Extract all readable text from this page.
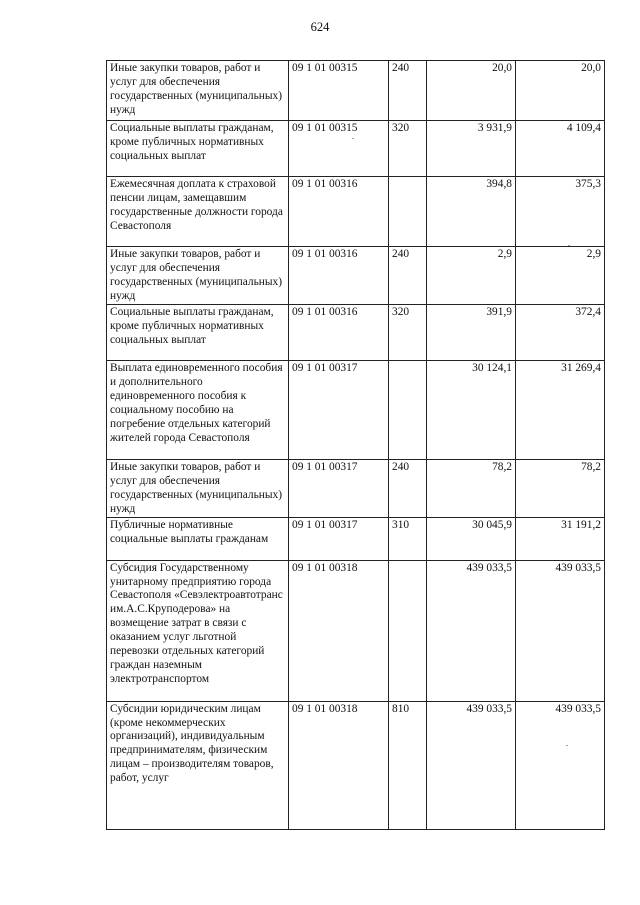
624
Иные закупки товаров, работ и услуг для обеспечения государственных (муниципальных) нужд	09 1 01 00315	240	20,0	20,0
Социальные выплаты гражданам, кроме публичных нормативных социальных выплат	09 1 01 00315	320	3 931,9	4 109,4
Ежемесячная доплата к страховой пенсии лицам, замещавшим государственные должности города Севастополя	09 1 01 00316		394,8	375,3
Иные закупки товаров, работ и услуг для обеспечения государственных (муниципальных) нужд	09 1 01 00316	240	2,9	2,9
Социальные выплаты гражданам, кроме публичных нормативных социальных выплат	09 1 01 00316	320	391,9	372,4
Выплата единовременного пособия и дополнительного единовременного пособия к социальному пособию на погребение отдельных категорий жителей города Севастополя	09 1 01 00317		30 124,1	31 269,4
Иные закупки товаров, работ и услуг для обеспечения государственных (муниципальных) нужд	09 1 01 00317	240	78,2	78,2
Публичные нормативные социальные выплаты гражданам	09 1 01 00317	310	30 045,9	31 191,2
Субсидия Государственному унитарному предприятию города Севастополя «Севэлектроавтотранс им.А.С.Круподерова» на возмещение затрат в связи с оказанием услуг льготной перевозки отдельных категорий граждан наземным электротранспортом	09 1 01 00318		439 033,5	439 033,5
Субсидии юридическим лицам (кроме некоммерческих организаций), индивидуальным предпринимателям, физическим лицам – производителям товаров, работ, услуг	09 1 01 00318	810	439 033,5	439 033,5
